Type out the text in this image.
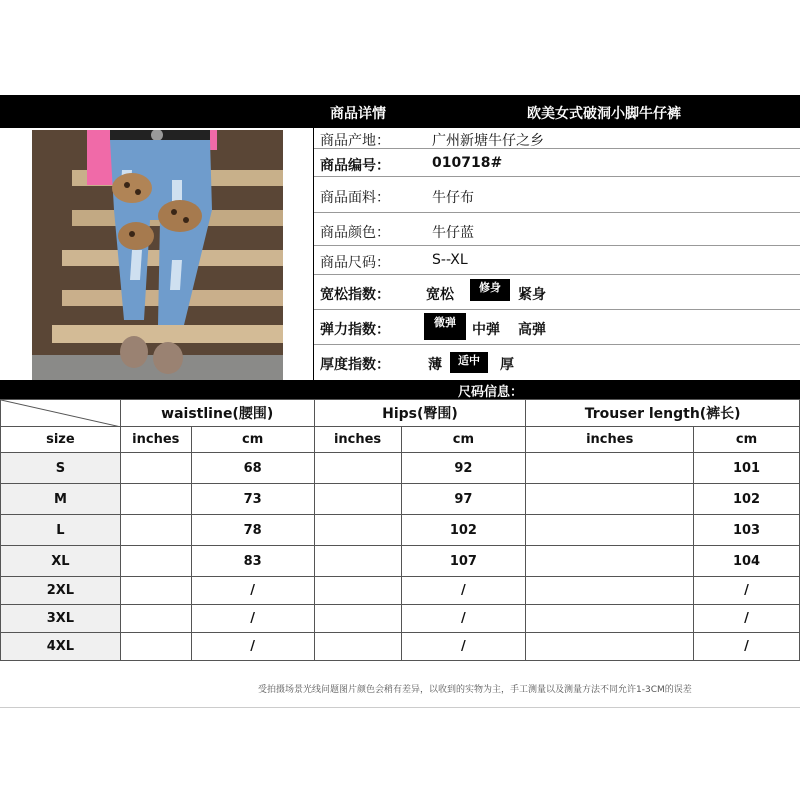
商品详情	欧美女式破洞小脚牛仔裤
商品产地：	广州新塘牛仔之乡
商品编号：	010718#
商品面料：	牛仔布
商品颜色：	牛仔蓝
商品尺码：	S--XL
宽松指数：	宽松	修身	紧身
弹力指数：	微弹	中弹 高弹
厚度指数：	薄	适中	厚
尺码信息：
	waistline(腰围)		Hips(臀围)		Trouser length(裤长)	
size	inches	cm	inches	cm	inches	cm
S		68		92		101
M		73		97		102
L		78		102		103
XL		83		107		104
2XL		/		/		/
3XL		/		/		/
4XL		/		/		/
受拍摄场景光线问题图片颜色会稍有差异，以收到的实物为主，手工测量以及测量方法不同允许1-3CM的误差
